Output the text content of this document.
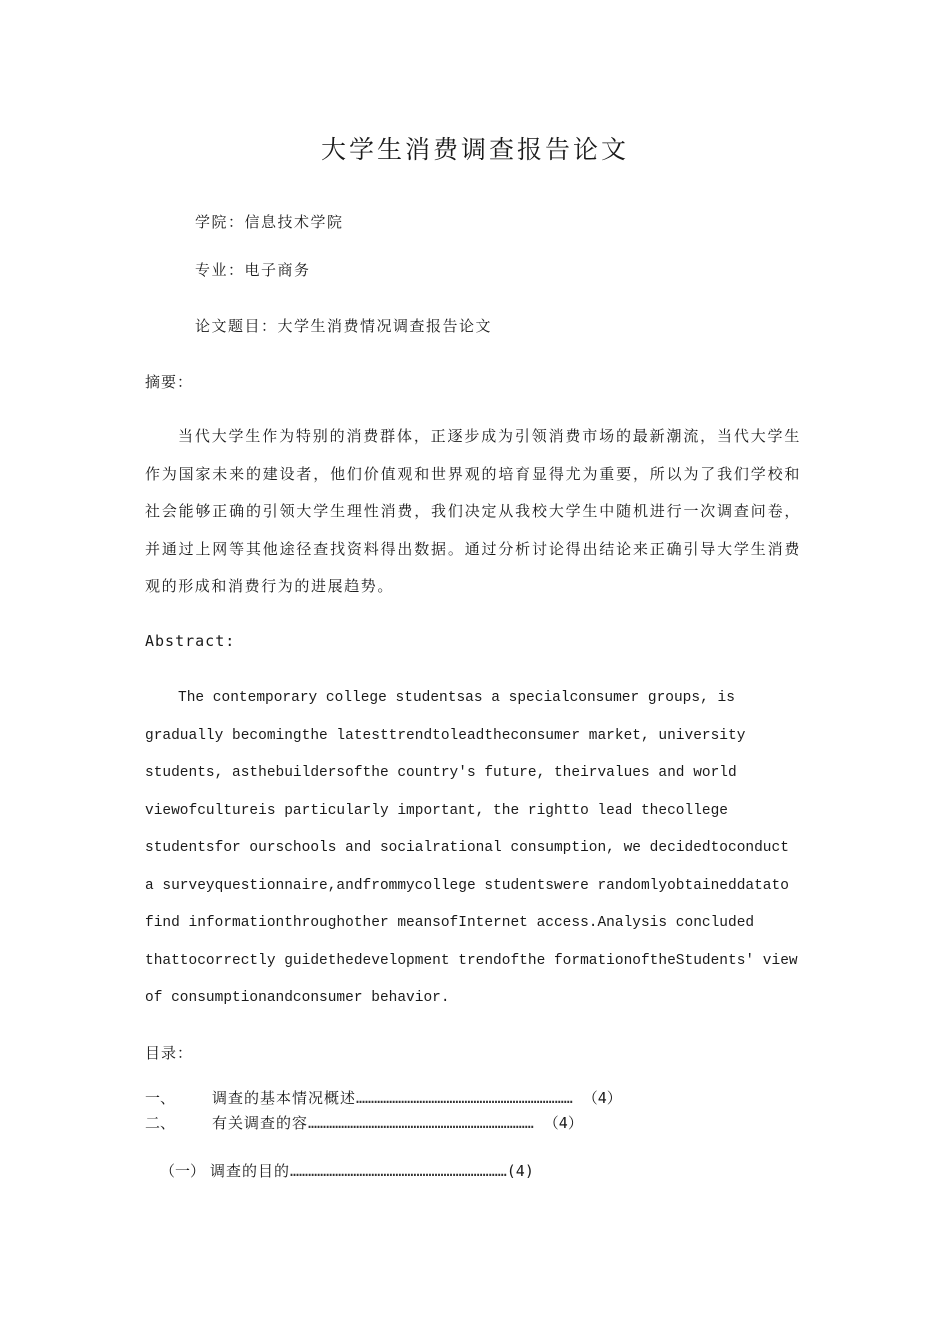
大学生消费调查报告论文
学院：信息技术学院
专业：电子商务
论文题目：大学生消费情况调查报告论文
摘要：

当代大学生作为特别的消费群体，正逐步成为引领消费市场的最新潮流，当代大学生作为国家未来的建设者，他们价值观和世界观的培育显得尤为重要，所以为了我们学校和社会能够正确的引领大学生理性消费，我们决定从我校大学生中随机进行一次调查问卷，并通过上网等其他途径查找资料得出数据。通过分析讨论得出结论来正确引导大学生消费观的形成和消费行为的进展趋势。

Abstract:

The contemporary college studentsas a specialconsumer groups, is gradually becomingthe latesttrendtoleadtheconsumer market, university students, asthebuildersofthe country's future, theirvalues and world viewofcultureis particularly important, the rightto lead thecollege studentsfor ourschools and socialrational consumption, we decidedtoconduct a surveyquestionnaire,andfrommycollege studentswere randomlyobtaineddatato find informationthroughother meansofInternet access.Analysis concluded thattocorrectly guidethedevelopment trendofthe formationoftheStudents' view of consumptionandconsumer behavior.

目录：
一、	调查的基本情况概述 ……………………………………………………………… （4）
二、	有关调查的容 ………………………………………………………………… （4）
（一） 调查的目的………………………………………………………………(4)
